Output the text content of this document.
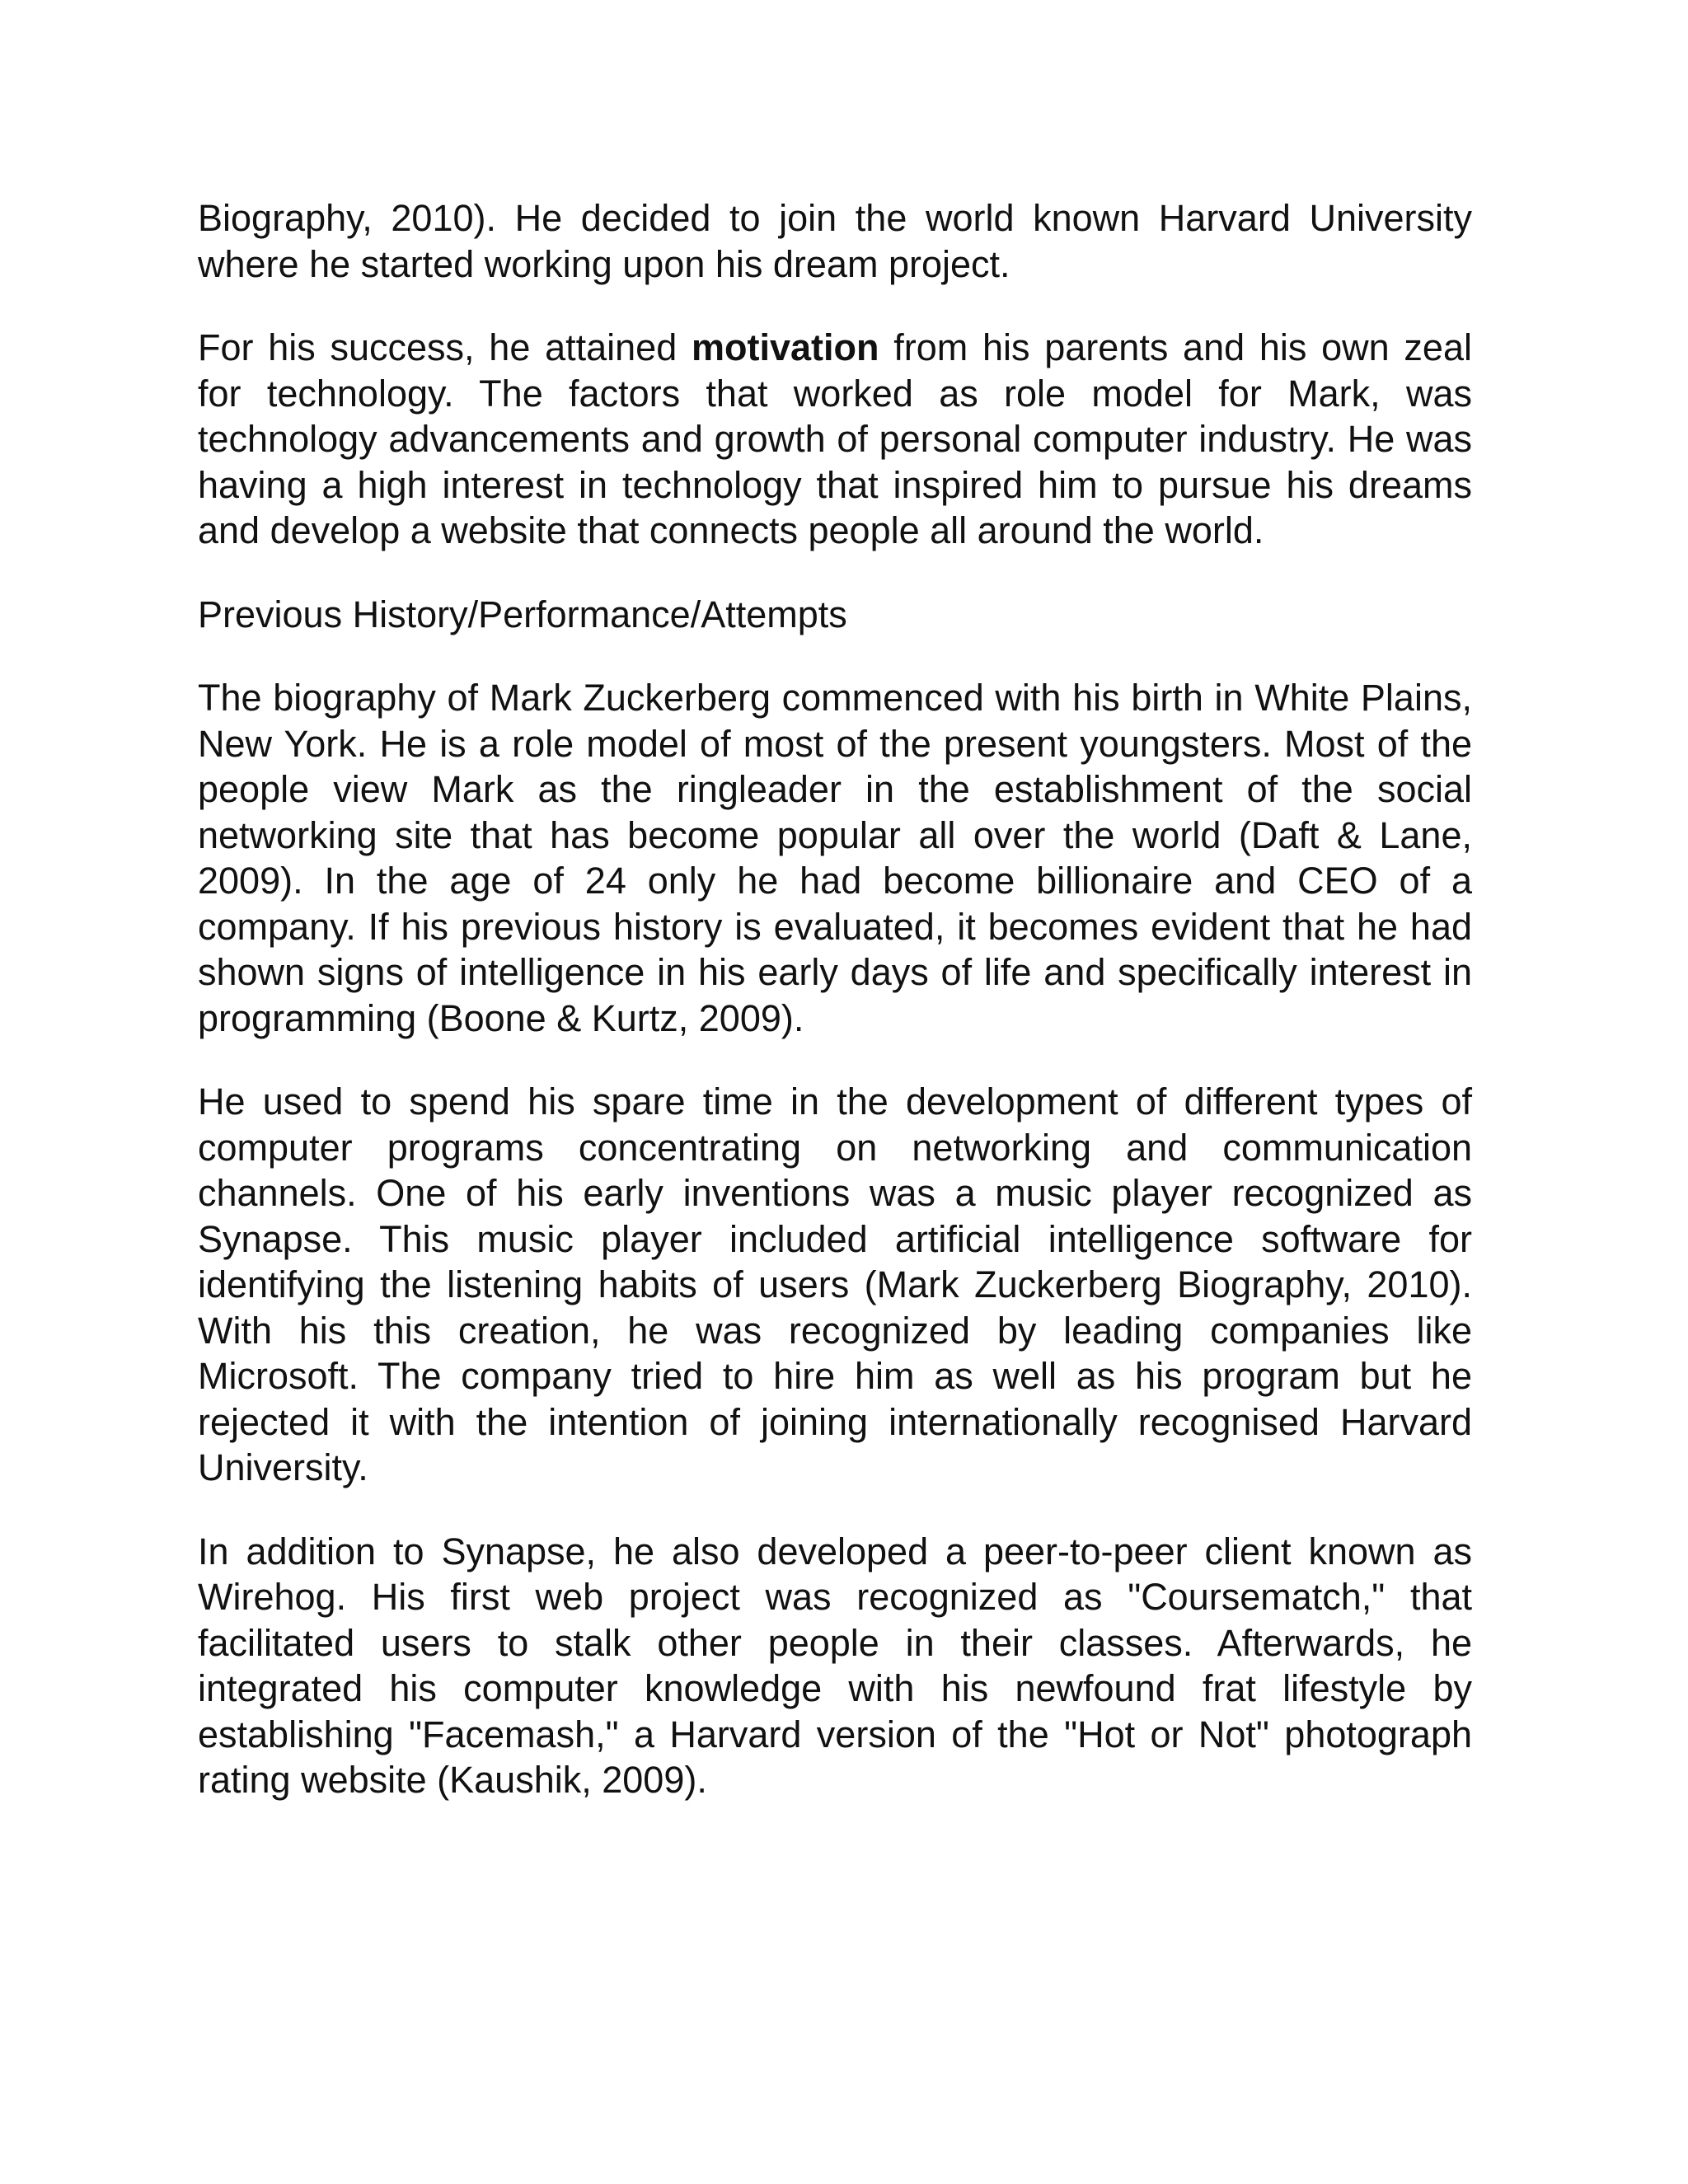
Biography, 2010). He decided to join the world known Harvard University where he started working upon his dream project.

For his success, he attained motivation from his parents and his own zeal for technology. The factors that worked as role model for Mark, was technology advancements and growth of personal computer industry. He was having a high interest in technology that inspired him to pursue his dreams and develop a website that connects people all around the world.

Previous History/Performance/Attempts

The biography of Mark Zuckerberg commenced with his birth in White Plains, New York. He is a role model of most of the present youngsters. Most of the people view Mark as the ringleader in the establishment of the social networking site that has become popular all over the world (Daft & Lane, 2009). In the age of 24 only he had become billionaire and CEO of a company. If his previous history is evaluated, it becomes evident that he had shown signs of intelligence in his early days of life and specifically interest in programming (Boone & Kurtz, 2009).

He used to spend his spare time in the development of different types of computer programs concentrating on networking and communication channels. One of his early inventions was a music player recognized as Synapse. This music player included artificial intelligence software for identifying the listening habits of users (Mark Zuckerberg Biography, 2010). With his this creation, he was recognized by leading companies like Microsoft. The company tried to hire him as well as his program but he rejected it with the intention of joining internationally recognised Harvard University.

In addition to Synapse, he also developed a peer-to-peer client known as Wirehog. His first web project was recognized as "Coursematch," that facilitated users to stalk other people in their classes. Afterwards, he integrated his computer knowledge with his newfound frat lifestyle by establishing "Facemash," a Harvard version of the "Hot or Not" photograph rating website (Kaushik, 2009).
